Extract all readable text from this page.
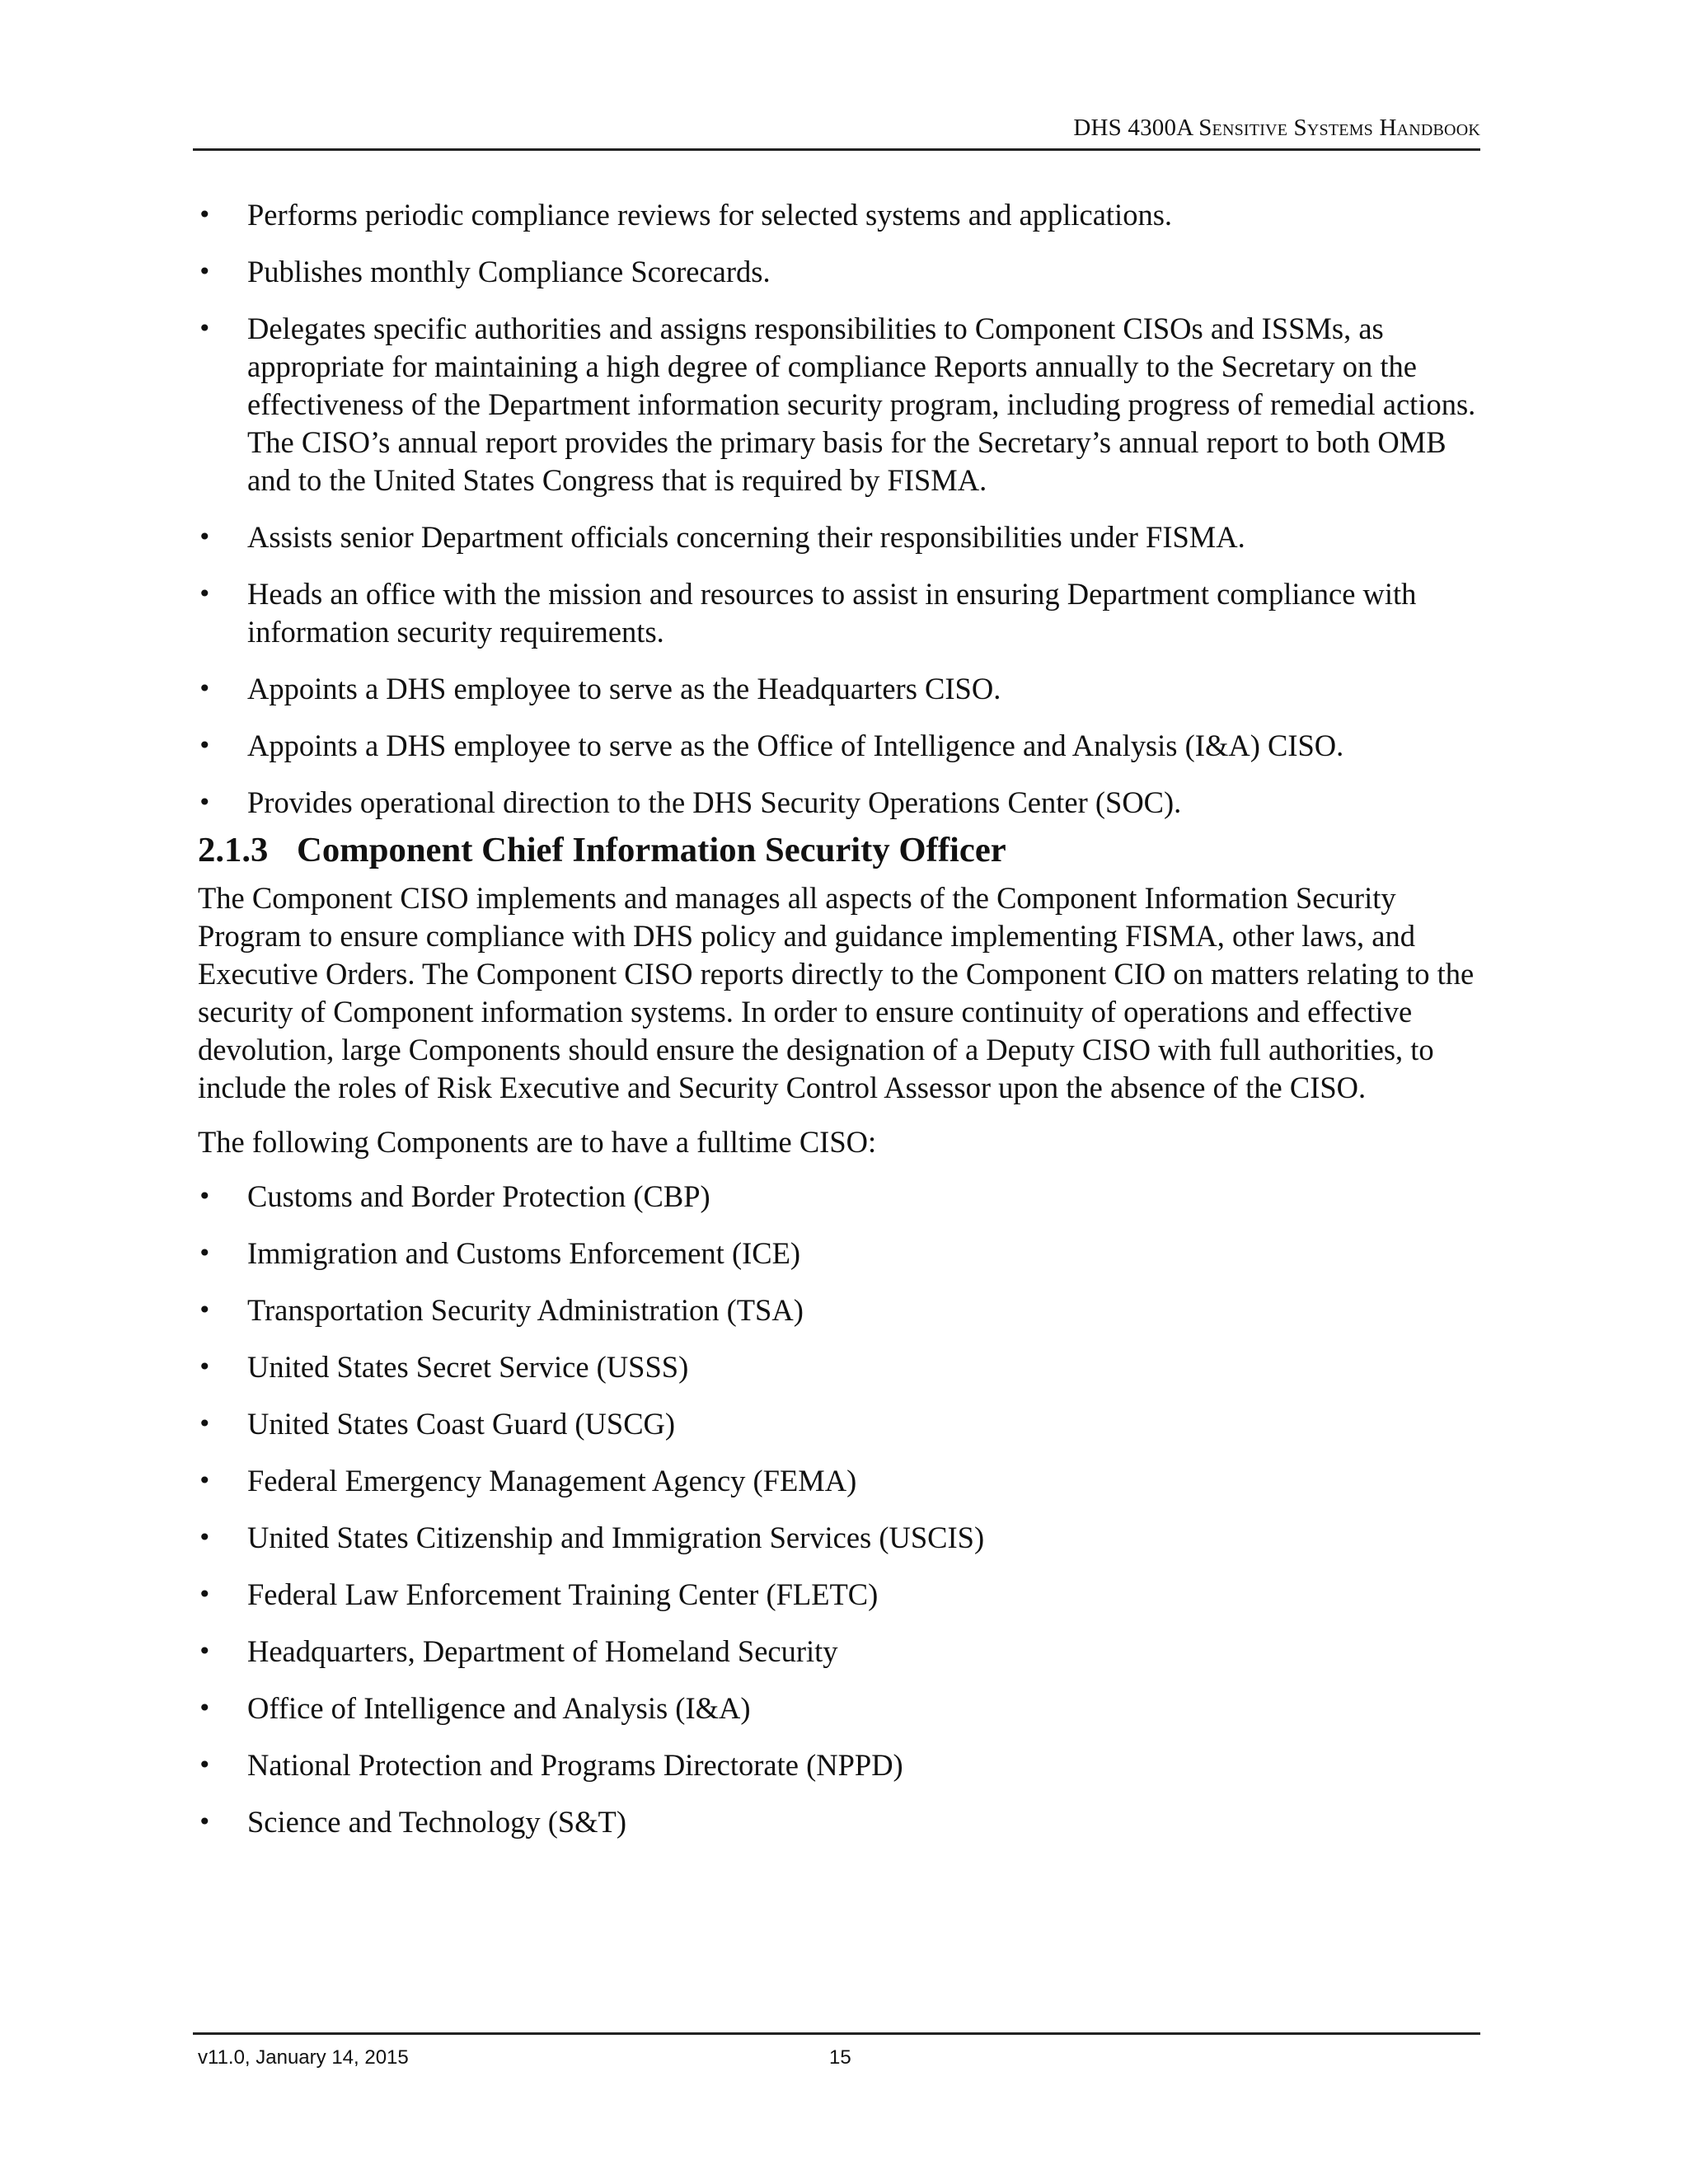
DHS 4300A Sensitive Systems Handbook
• Performs periodic compliance reviews for selected systems and applications.
• Publishes monthly Compliance Scorecards.
• Delegates specific authorities and assigns responsibilities to Component CISOs and ISSMs, as appropriate for maintaining a high degree of compliance Reports annually to the Secretary on the effectiveness of the Department information security program, including progress of remedial actions. The CISO’s annual report provides the primary basis for the Secretary’s annual report to both OMB and to the United States Congress that is required by FISMA.
• Assists senior Department officials concerning their responsibilities under FISMA.
• Heads an office with the mission and resources to assist in ensuring Department compliance with information security requirements.
• Appoints a DHS employee to serve as the Headquarters CISO.
• Appoints a DHS employee to serve as the Office of Intelligence and Analysis (I&A) CISO.
• Provides operational direction to the DHS Security Operations Center (SOC).
2.1.3 Component Chief Information Security Officer

The Component CISO implements and manages all aspects of the Component Information Security Program to ensure compliance with DHS policy and guidance implementing FISMA, other laws, and Executive Orders. The Component CISO reports directly to the Component CIO on matters relating to the security of Component information systems. In order to ensure continuity of operations and effective devolution, large Components should ensure the designation of a Deputy CISO with full authorities, to include the roles of Risk Executive and Security Control Assessor upon the absence of the CISO.

The following Components are to have a fulltime CISO:

• Customs and Border Protection (CBP)
• Immigration and Customs Enforcement (ICE)
• Transportation Security Administration (TSA)
• United States Secret Service (USSS)
• United States Coast Guard (USCG)
• Federal Emergency Management Agency (FEMA)
• United States Citizenship and Immigration Services (USCIS)
• Federal Law Enforcement Training Center (FLETC)
• Headquarters, Department of Homeland Security
• Office of Intelligence and Analysis (I&A)
• National Protection and Programs Directorate (NPPD)
• Science and Technology (S&T)
v11.0, January 14, 2015	15
